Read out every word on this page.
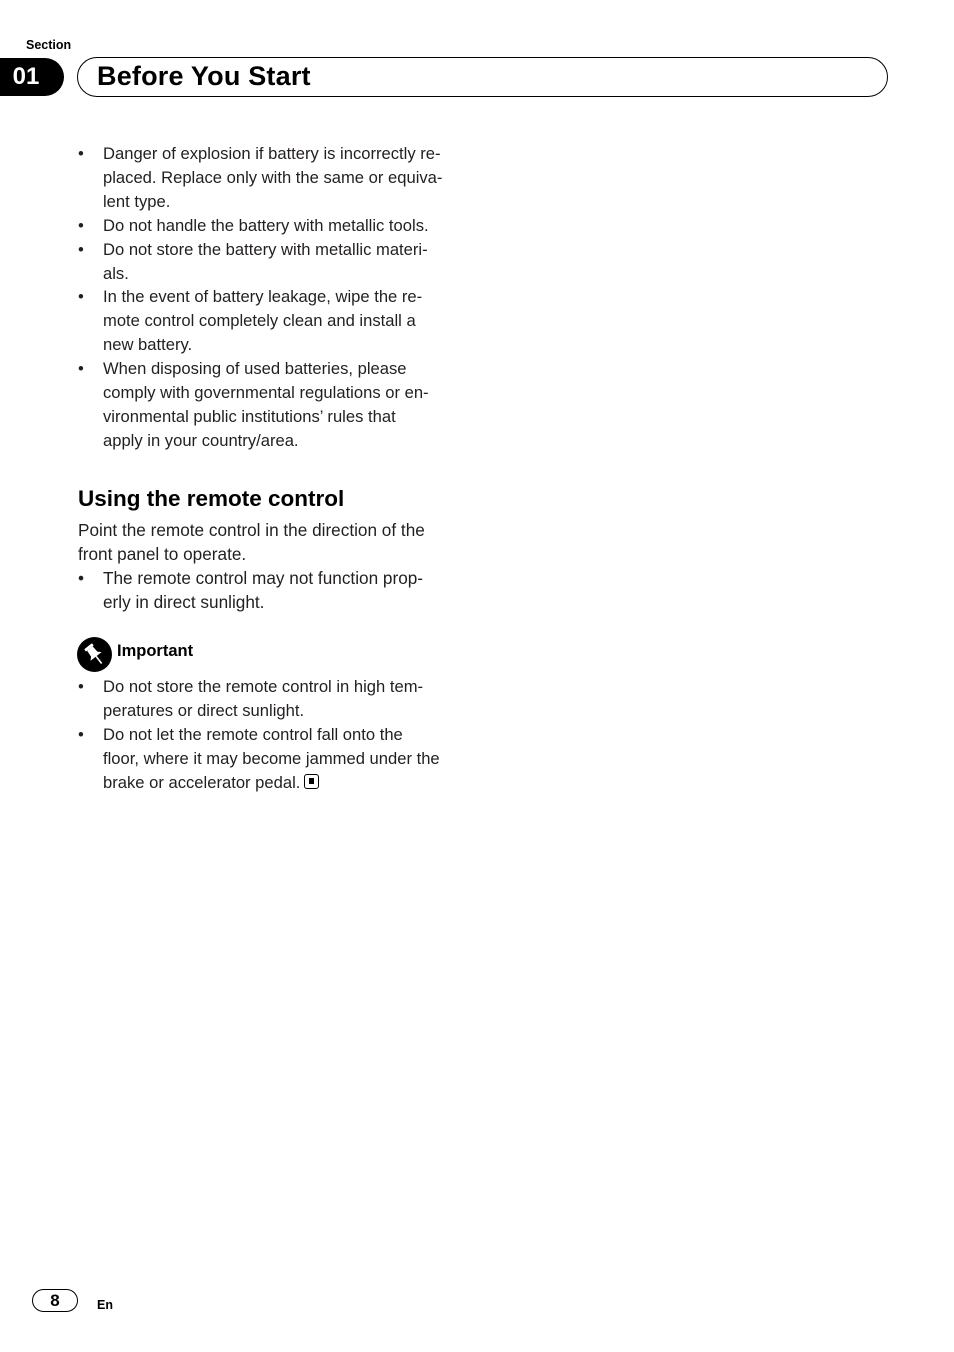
Section
01	Before You Start
•	Danger of explosion if battery is incorrectly re-
placed. Replace only with the same or equiva-
lent type.
•	Do not handle the battery with metallic tools.
•	Do not store the battery with metallic materi-
als.
•	In the event of battery leakage, wipe the re-
mote control completely clean and install a
new battery.
•	When disposing of used batteries, please
comply with governmental regulations or en-
vironmental public institutions’ rules that
apply in your country/area.
Using the remote control

Point the remote control in the direction of the
front panel to operate.

•	The remote control may not function prop-
erly in direct sunlight.
Important
•	Do not store the remote control in high tem-
peratures or direct sunlight.
•	Do not let the remote control fall onto the
floor, where it may become jammed under the
brake or accelerator pedal.
8	En
